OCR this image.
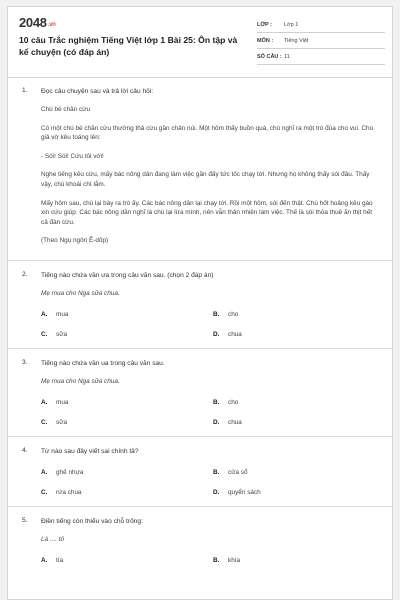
2048.vn
10 câu Trắc nghiệm Tiếng Việt lớp 1 Bài 25: Ôn tập và kể chuyện (có đáp án)
LỚP :	Lớp 1
MÔN :	Tiếng Việt
SỐ CÂU : 11
1. Đọc câu chuyện sau và trả lời câu hỏi:
Chú bé chăn cừu
Có một chú bé chăn cừu thường thả cừu gần chân núi. Một hôm thấy buồn quá, chú nghĩ ra một trò đùa cho vui. Chú giả vờ kêu toáng lên:
- Sói! Sói! Cứu tôi với!
Nghe tiếng kêu cứu, mấy bác nông dân đang làm việc gần đấy tức tốc chạy tới. Nhưng họ không thấy sói đâu. Thấy vậy, chú khoái chí lắm.
Mấy hôm sau, chú lại bày ra trò ấy. Các bác nông dân lại chạy tới. Rồi một hôm, sói đến thật. Chú hốt hoảng kêu gào xin cứu giúp. Các bác nông dân nghĩ là chú lại lừa mình, nên vẫn thản nhiên làm việc. Thế là sói thỏa thuê ăn thịt hết cả đàn cừu.
(Theo Ngụ ngôn Ê-dốp)
2. Tiếng nào chứa vần ưa trong câu văn sau. (chọn 2 đáp án)
Mẹ mua cho Nga sữa chua.
A.	mua	B.	cho
C.	sữa	D.	chua
3. Tiếng nào chứa vần ua trong câu văn sau.
Mẹ mua cho Nga sữa chua.
A.	mua	B.	cho
C.	sữa	D.	chua
4. Từ nào sau đây viết sai chính tả?
A.	ghế nhựa	B.	cửa sổ
C.	rứa chua	D.	quyển sách
5. Điền tiếng còn thiếu vào chỗ trống:
Lá .... tỏ
A.	tía	B.	khía
